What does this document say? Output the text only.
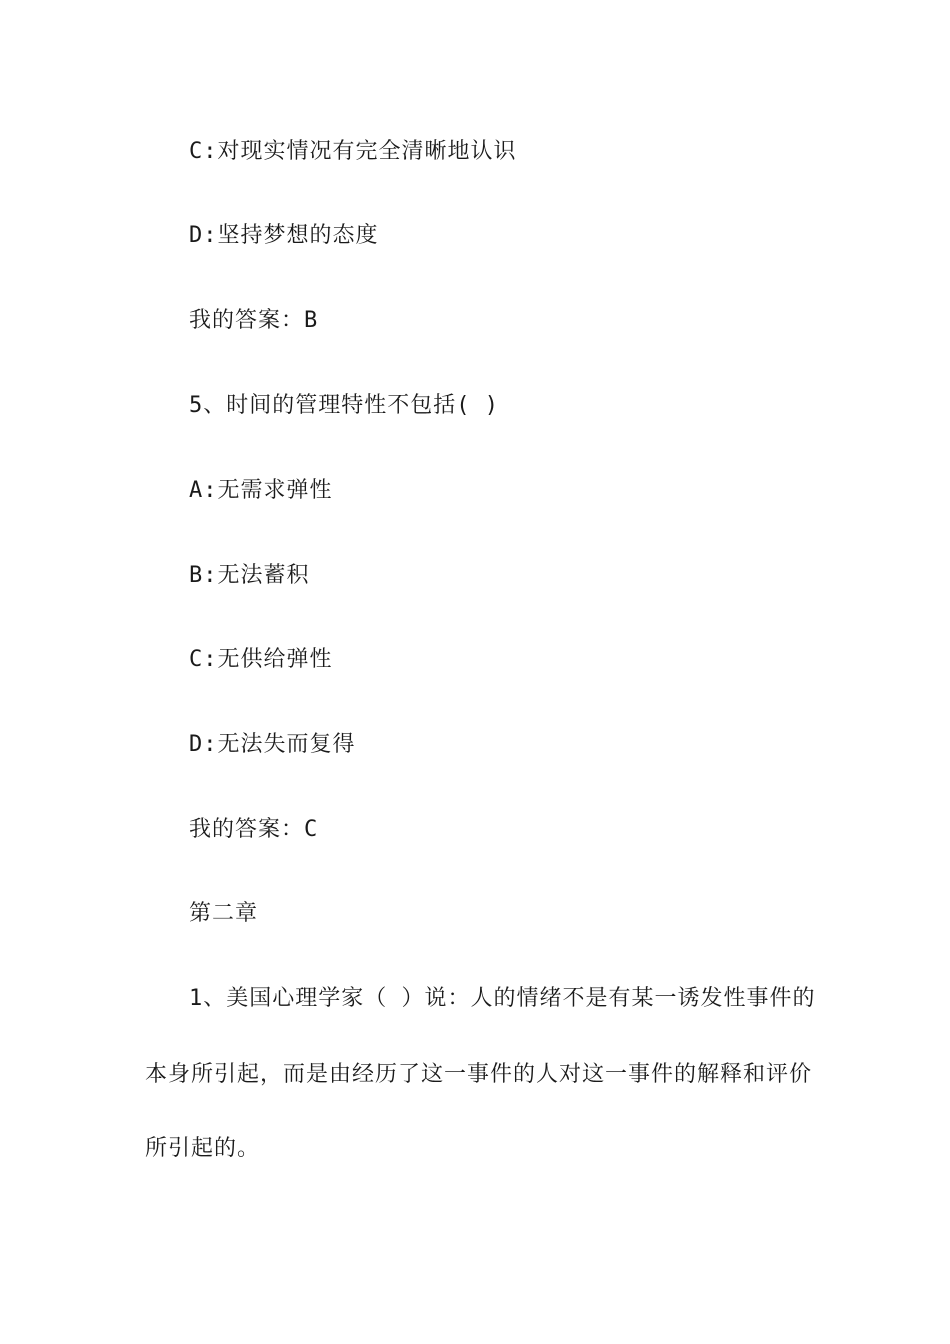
C:对现实情况有完全清晰地认识
D:坚持梦想的态度
我的答案：B
5、时间的管理特性不包括( )
A:无需求弹性
B:无法蓄积
C:无供给弹性
D:无法失而复得
我的答案：C
第二章
1、美国心理学家（ ）说：人的情绪不是有某一诱发性事件的
本身所引起，而是由经历了这一事件的人对这一事件的解释和评价
所引起的。
